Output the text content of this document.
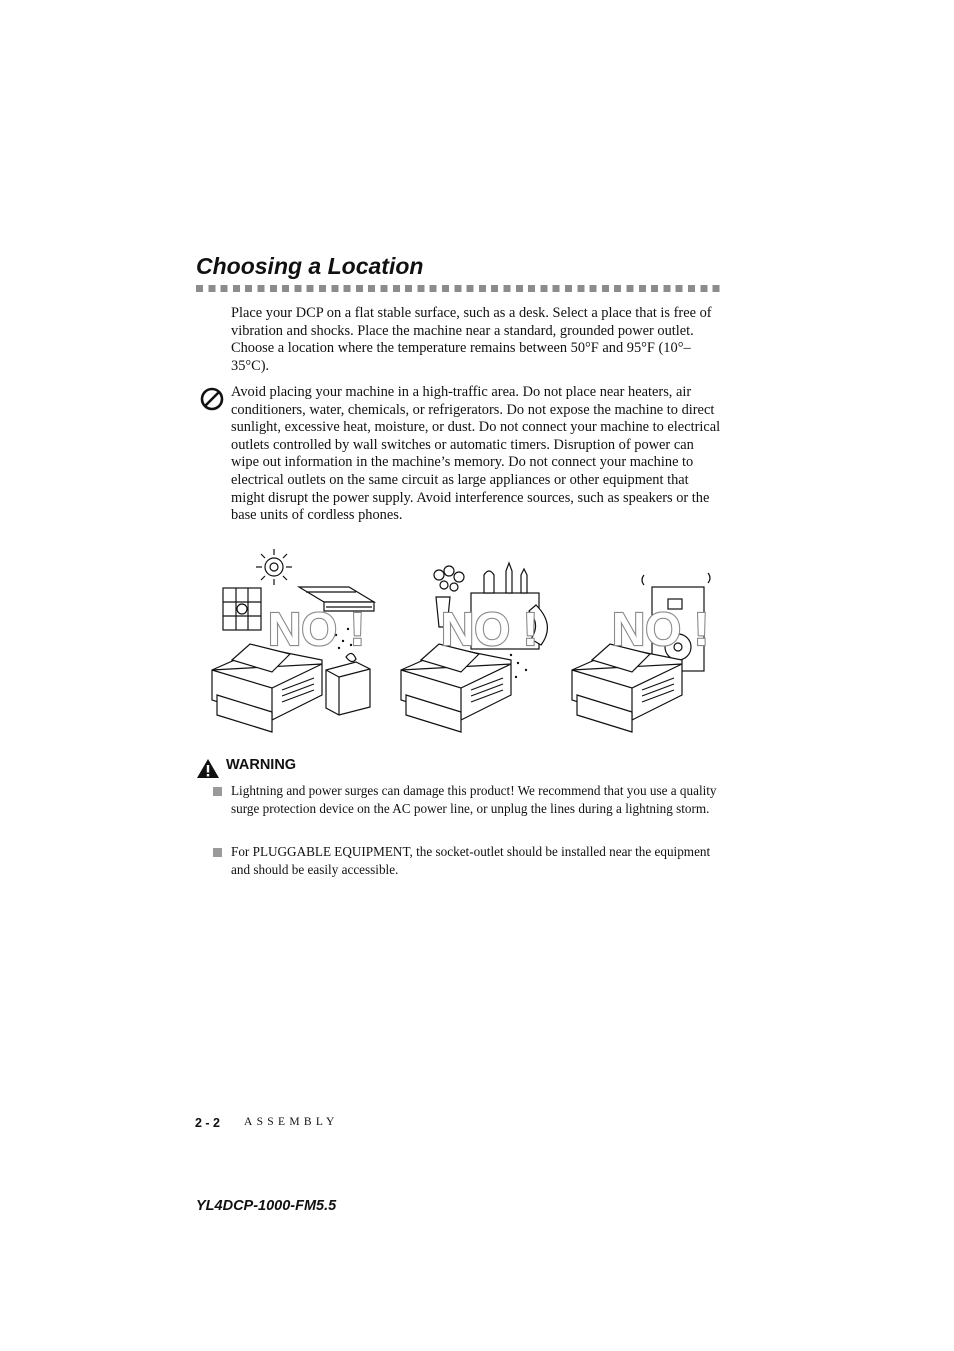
Choosing a Location

Place your DCP on a flat stable surface, such as a desk. Select a place that is free of vibration and shocks. Place the machine near a standard, grounded power outlet. Choose a location where the temperature remains between 50°F and 95°F (10°–35°C).

Avoid placing your machine in a high-traffic area. Do not place near heaters, air conditioners, water, chemicals, or refrigerators. Do not expose the machine to direct sunlight, excessive heat, moisture, or dust. Do not connect your machine to electrical outlets controlled by wall switches or automatic timers. Disruption of power can wipe out information in the machine’s memory. Do not connect your machine to electrical outlets on the same circuit as large appliances or other equipment that might disrupt the power supply. Avoid interference sources, such as speakers or the base units of cordless phones.

NO ! NO ! NO !
WARNING

Lightning and power surges can damage this product! We recommend that you use a quality surge protection device on the AC power line, or unplug the lines during a lightning storm.

For PLUGGABLE EQUIPMENT, the socket-outlet should be installed near the equipment and should be easily accessible.

2 - 2 ASSEMBLY
YL4DCP-1000-FM5.5
